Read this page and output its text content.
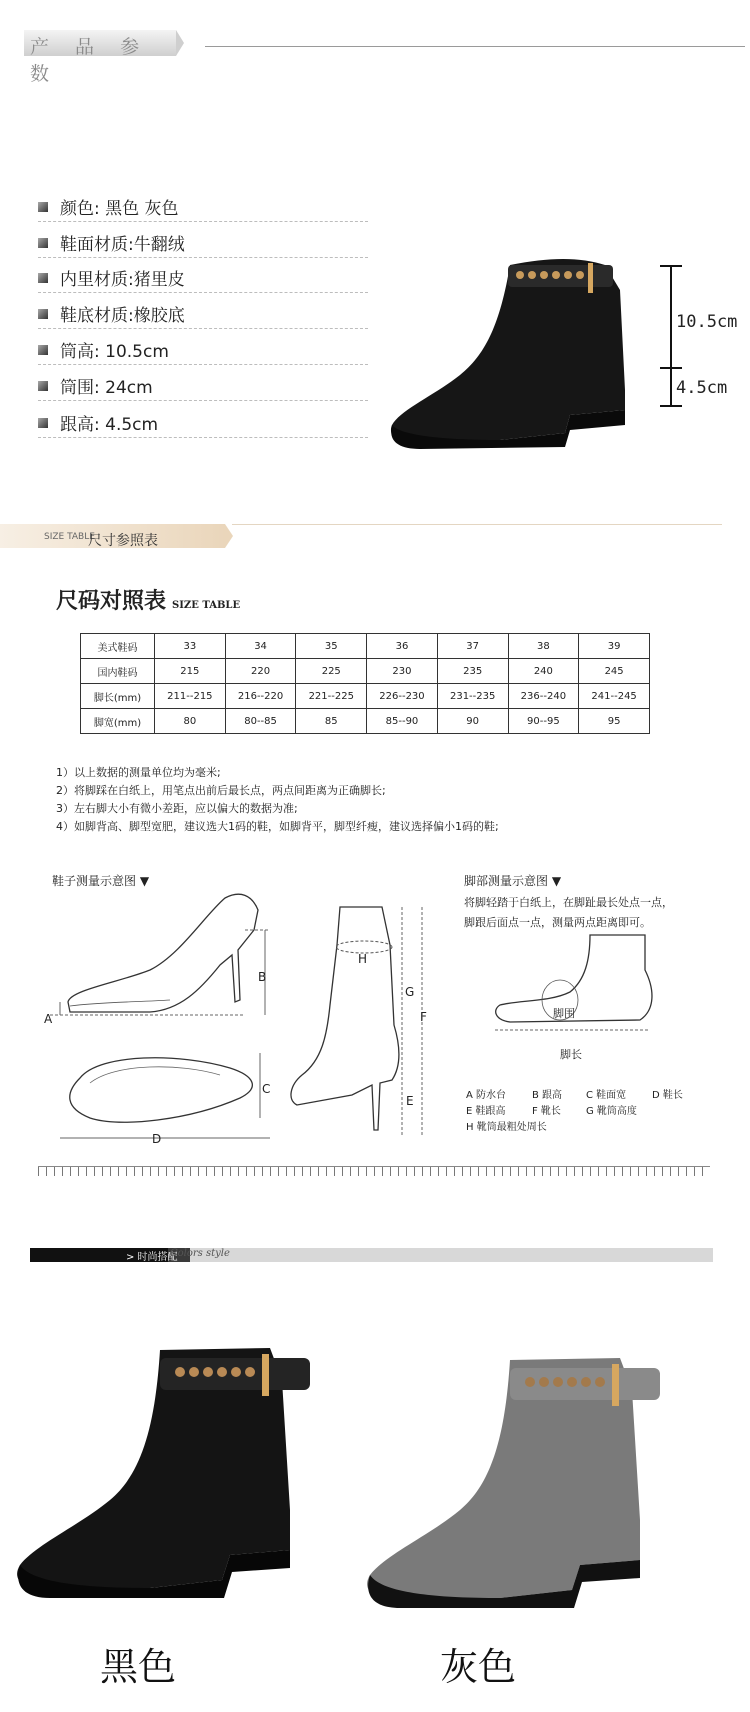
产 品 参 数
颜色: 黑色 灰色
鞋面材质:牛翻绒
内里材质:猪里皮
鞋底材质:橡胶底
筒高: 10.5cm
筒围: 24cm
跟高: 4.5cm
10.5cm
4.5cm
尺寸参照表
SIZE TABLE
尺码对照表 SIZE TABLE
美式鞋码	33	34	35	36	37	38	39
国内鞋码	215	220	225	230	235	240	245
脚长(mm)	211--215	216--220	221--225	226--230	231--235	236--240	241--245
脚宽(mm)	80	80--85	85	85--90	90	90--95	95
1）以上数据的测量单位均为毫米;
2）将脚踩在白纸上，用笔点出前后最长点，两点间距离为正确脚长;
3）左右脚大小有微小差距，应以偏大的数据为准;
4）如脚背高、脚型宽肥，建议选大1码的鞋，如脚背平，脚型纤瘦，建议选择偏小1码的鞋;
鞋子测量示意图 ▼	脚部测量示意图 ▼
将脚轻踏于白纸上，在脚趾最长处点一点，
脚跟后面点一点，测量两点距离即可。
A
B
C
D
H
G
F
E
脚围
脚长
A 防水台	B 跟高 C 鞋面宽	D 鞋长
E 鞋跟高	F 靴长	G 靴筒高度
H 靴筒最粗处周长
> 时尚搭配
Colors style
黑色	灰色
